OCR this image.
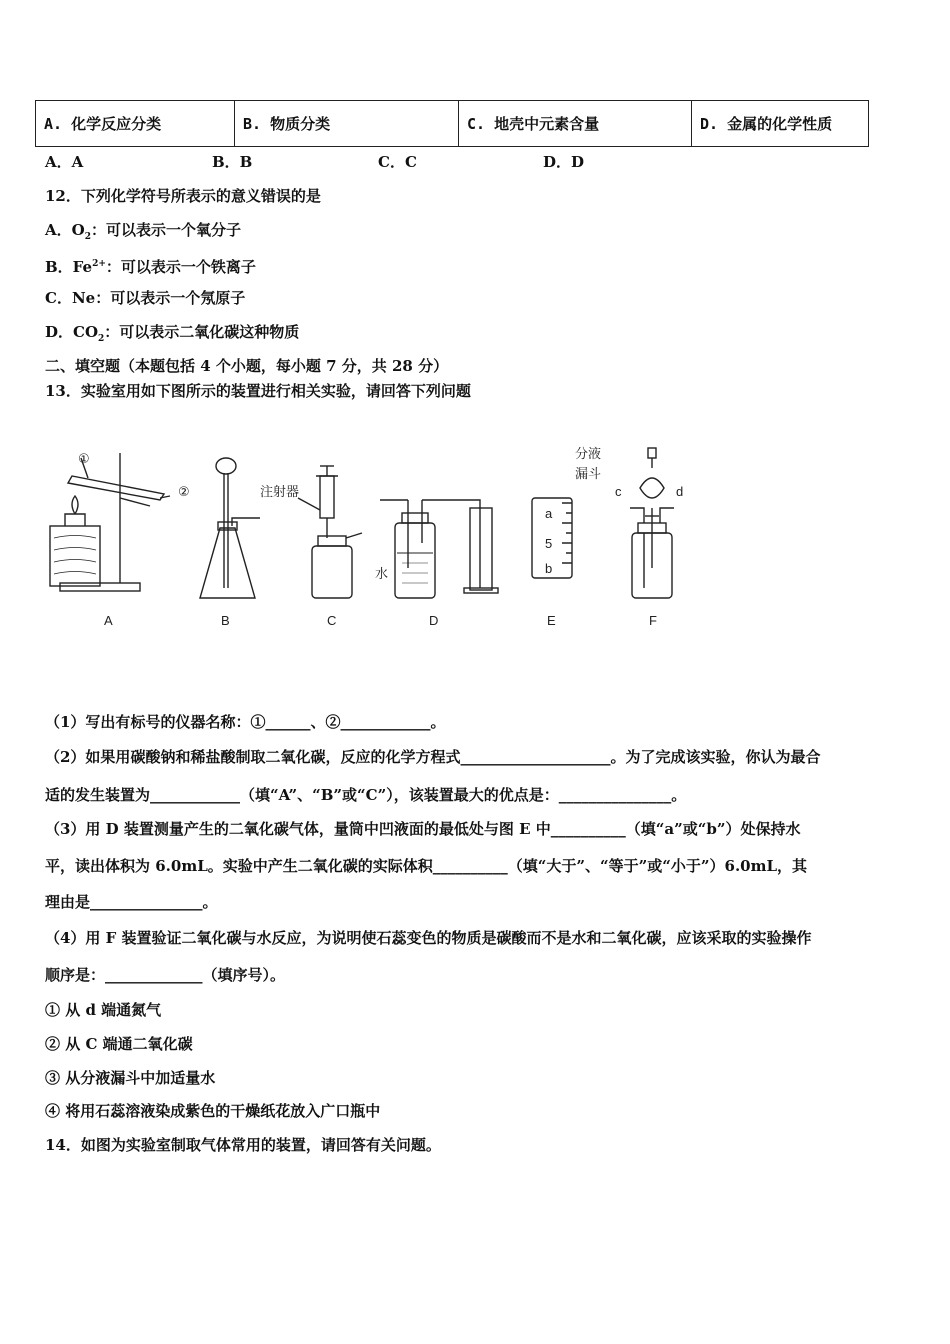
A. 化学反应分类	B. 物质分类	C. 地壳中元素含量	D. 金属的化学性质
A．A	B．B	C．C	D．D
12．下列化学符号所表示的意义错误的是
A．$O_2$：可以表示一个氧分子
B．$Fe^{2+}$：可以表示一个铁离子
C．Ne：可以表示一个氖原子
D．$CO_2$：可以表示二氧化碳这种物质
二、填空题（本题包括 4 个小题，每小题 7 分，共 28 分）
13．实验室用如下图所示的装置进行相关实验，请回答下列问题
①
②	注射器
水
分液
漏斗
c	d
a
5
b
A	B	C	D	E	F
（1）写出有标号的仪器名称：①______、②____________。
（2）如果用碳酸钠和稀盐酸制取二氧化碳，反应的化学方程式____________________。为了完成该实验，你认为最合
适的发生装置为____________（填“A”、“B”或“C”），该装置最大的优点是：_______________。
（3）用 D 装置测量产生的二氧化碳气体，量筒中凹液面的最低处与图 E 中__________（填“a”或“b”）处保持水
平，读出体积为 6.0mL。实验中产生二氧化碳的实际体积__________（填“大于”、“等于”或“小于”）6.0mL，其
理由是_______________。
（4）用 F 装置验证二氧化碳与水反应，为说明使石蕊变色的物质是碳酸而不是水和二氧化碳，应该采取的实验操作
顺序是：_____________（填序号）。
① 从 d 端通氮气
② 从 C 端通二氧化碳
③ 从分液漏斗中加适量水
④ 将用石蕊溶液染成紫色的干燥纸花放入广口瓶中
14．如图为实验室制取气体常用的装置，请回答有关问题。
